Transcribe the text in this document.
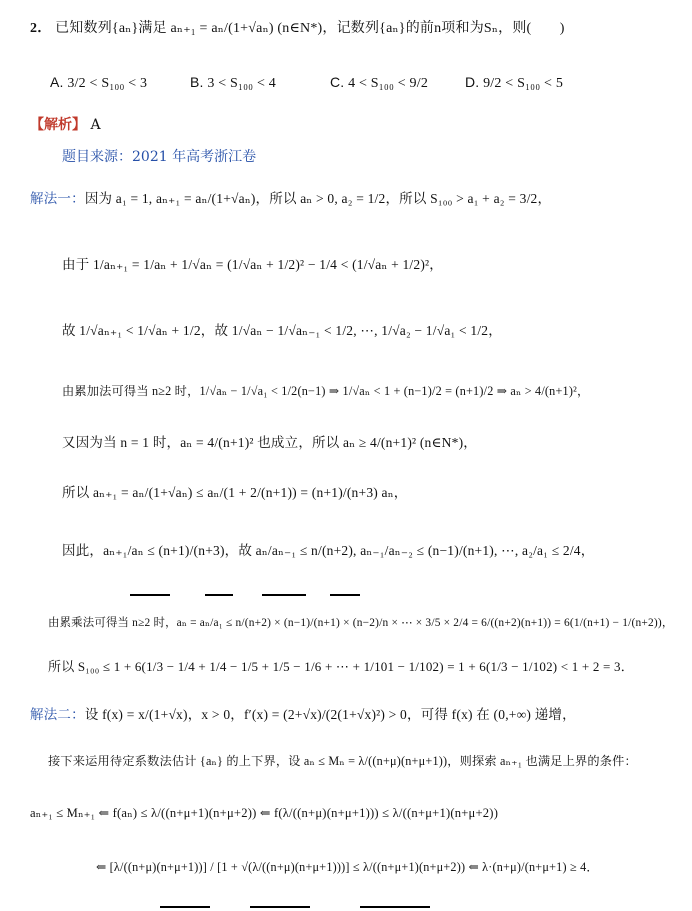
2． 已知数列{aₙ}满足 aₙ₊₁ = aₙ/(1+√aₙ) (n∈N*)，记数列{aₙ}的前n项和为Sₙ，则(　　)
A. 3/2 < S₁₀₀ < 3	B. 3 < S₁₀₀ < 4	C. 4 < S₁₀₀ < 9/2	D. 9/2 < S₁₀₀ < 5
【解析】 A
题目来源：2021 年高考浙江卷
解法一：因为 a₁ = 1, aₙ₊₁ = aₙ/(1+√aₙ)，所以 aₙ > 0, a₂ = 1/2，所以 S₁₀₀ > a₁ + a₂ = 3/2，
由于 1/aₙ₊₁ = 1/aₙ + 1/√aₙ = (1/√aₙ + 1/2)² − 1/4 < (1/√aₙ + 1/2)²，
故 1/√aₙ₊₁ < 1/√aₙ + 1/2，故 1/√aₙ − 1/√aₙ₋₁ < 1/2, ⋯, 1/√a₂ − 1/√a₁ < 1/2，
由累加法可得当 n≥2 时，1/√aₙ − 1/√a₁ < 1/2(n−1) ⇒ 1/√aₙ < 1 + (n−1)/2 = (n+1)/2 ⇒ aₙ > 4/(n+1)²，
又因为当 n = 1 时，aₙ = 4/(n+1)² 也成立，所以 aₙ ≥ 4/(n+1)² (n∈N*)，
所以 aₙ₊₁ = aₙ/(1+√aₙ) ≤ aₙ/(1 + 2/(n+1)) = (n+1)/(n+3) aₙ，
因此，aₙ₊₁/aₙ ≤ (n+1)/(n+3)，故 aₙ/aₙ₋₁ ≤ n/(n+2), aₙ₋₁/aₙ₋₂ ≤ (n−1)/(n+1), ⋯, a₂/a₁ ≤ 2/4，
由累乘法可得当 n≥2 时，aₙ = aₙ/a₁ ≤ n/(n+2) × (n−1)/(n+1) × (n−2)/n × ⋯ × 3/5 × 2/4 = 6/((n+2)(n+1)) = 6(1/(n+1) − 1/(n+2))，
所以 S₁₀₀ ≤ 1 + 6(1/3 − 1/4 + 1/4 − 1/5 + 1/5 − 1/6 + ⋯ + 1/101 − 1/102) = 1 + 6(1/3 − 1/102) < 1 + 2 = 3．
解法二：设 f(x) = x/(1+√x)，x > 0，f′(x) = (2+√x)/(2(1+√x)²) > 0，可得 f(x) 在 (0,+∞) 递增，
接下来运用待定系数法估计 {aₙ} 的上下界，设 aₙ ≤ Mₙ = λ/((n+μ)(n+μ+1))，则探索 aₙ₊₁ 也满足上界的条件：
aₙ₊₁ ≤ Mₙ₊₁ ⇐ f(aₙ) ≤ λ/((n+μ+1)(n+μ+2)) ⇐ f(λ/((n+μ)(n+μ+1))) ≤ λ/((n+μ+1)(n+μ+2))
⇐ [λ/((n+μ)(n+μ+1))] / [1 + √(λ/((n+μ)(n+μ+1)))] ≤ λ/((n+μ+1)(n+μ+2)) ⇐ λ·(n+μ)/(n+μ+1) ≥ 4．
